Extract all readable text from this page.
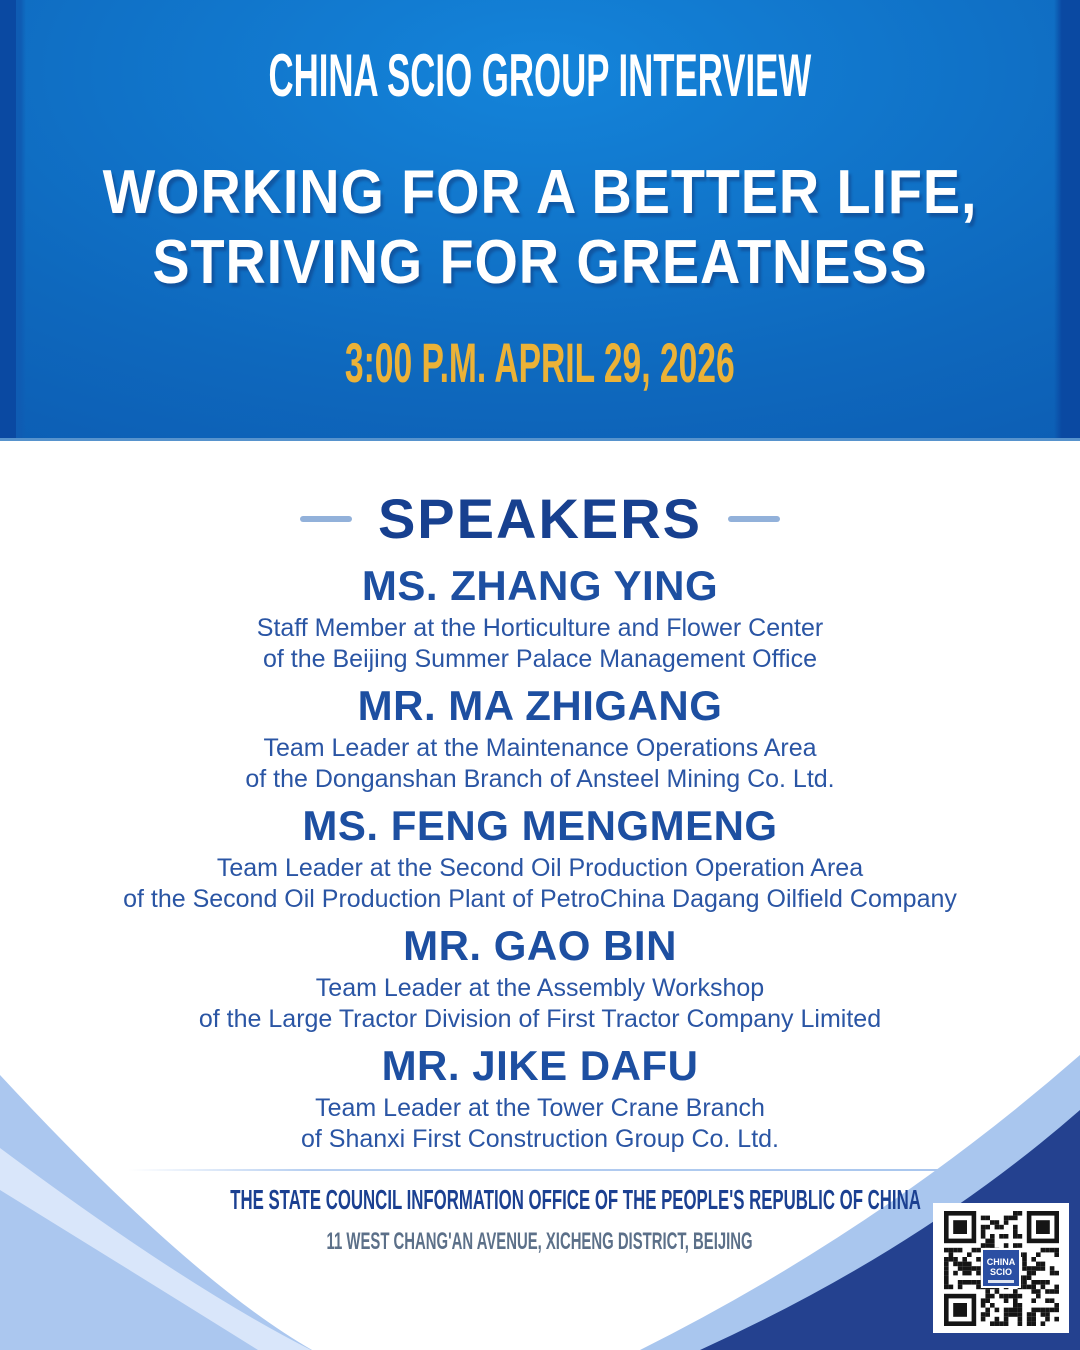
CHINA SCIO GROUP INTERVIEW
WORKING FOR A BETTER LIFE,
STRIVING FOR GREATNESS
3:00 P.M. APRIL 29, 2026
SPEAKERS
MS. ZHANG YING
Staff Member at the Horticulture and Flower Center
of the Beijing Summer Palace Management Office
MR. MA ZHIGANG
Team Leader at the Maintenance Operations Area
of the Donganshan Branch of Ansteel Mining Co. Ltd.
MS. FENG MENGMENG
Team Leader at the Second Oil Production Operation Area
of the Second Oil Production Plant of PetroChina Dagang Oilfield Company
MR. GAO BIN
Team Leader at the Assembly Workshop
of the Large Tractor Division of First Tractor Company Limited
MR. JIKE DAFU
Team Leader at the Tower Crane Branch
of Shanxi First Construction Group Co. Ltd.
THE STATE COUNCIL INFORMATION OFFICE OF THE PEOPLE'S REPUBLIC OF CHINA
11 WEST CHANG'AN AVENUE, XICHENG DISTRICT, BEIJING
CHINA
SCIO
